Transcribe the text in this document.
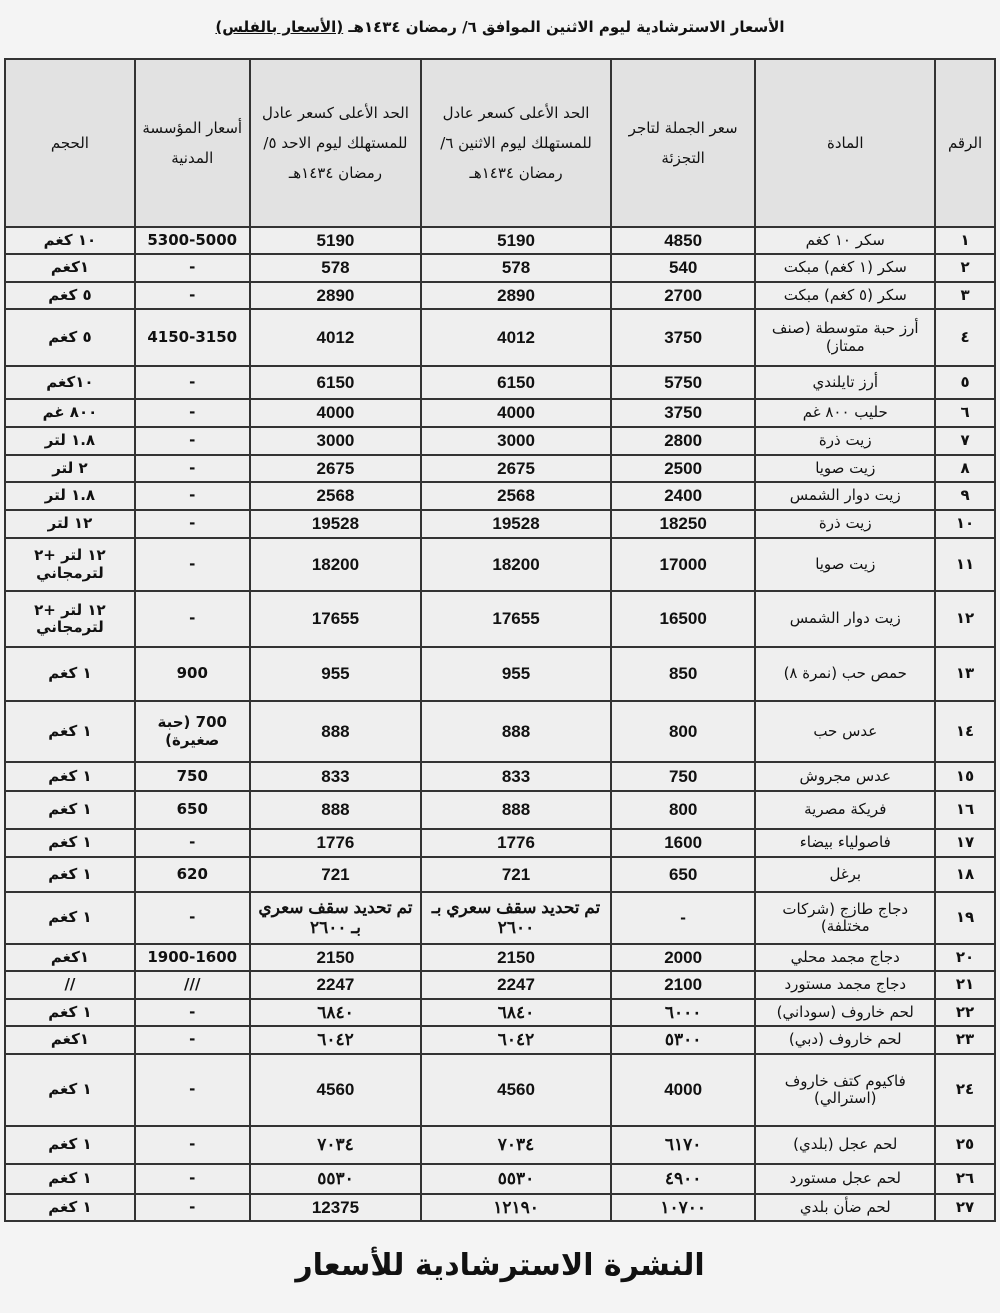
الأسعار الاسترشادية ليوم الاثنين الموافق ٦/ رمضان ١٤٣٤هـ (الأسعار بالفلس)
الرقم	المادة	سعر الجملة لتاجر التجزئة	الحد الأعلى كسعر عادل للمستهلك ليوم الاثنين ٦/رمضان ١٤٣٤هـ	الحد الأعلى كسعر عادل للمستهلك ليوم الاحد ٥/ رمضان ١٤٣٤هـ	أسعار المؤسسة المدنية	الحجم
١	سكر ١٠ كغم	4850	5190	5190	5300-5000	١٠ كغم
٢	سكر (١ كغم) مبكت	540	578	578	-	١كغم
٣	سكر (٥ كغم) مبكت	2700	2890	2890	-	٥ كغم
٤	أرز حبة متوسطة (صنف ممتاز)	3750	4012	4012	4150-3150	٥ كغم
٥	أرز تايلندي	5750	6150	6150	-	١٠كغم
٦	حليب ٨٠٠ غم	3750	4000	4000	-	٨٠٠ غم
٧	زيت ذرة	2800	3000	3000	-	١.٨ لتر
٨	زيت صويا	2500	2675	2675	-	٢ لتر
٩	زيت دوار الشمس	2400	2568	2568	-	١.٨ لتر
١٠	زيت ذرة	18250	19528	19528	-	١٢ لتر
١١	زيت صويا	17000	18200	18200	-	١٢ لتر +٢ لترمجاني
١٢	زيت دوار الشمس	16500	17655	17655	-	١٢ لتر +٢ لترمجاني
١٣	حمص حب (نمرة ٨)	850	955	955	900	١ كغم
١٤	عدس حب	800	888	888	700 (حبة صغيرة)	١ كغم
١٥	عدس مجروش	750	833	833	750	١ كغم
١٦	فريكة مصرية	800	888	888	650	١ كغم
١٧	فاصولياء بيضاء	1600	1776	1776	-	١ كغم
١٨	برغل	650	721	721	620	١ كغم
١٩	دجاج طازج (شركات مختلفة)	-	تم تحديد سقف سعري بـ ٢٦٠٠	تم تحديد سقف سعري بـ ٢٦٠٠	-	١ كغم
٢٠	دجاج مجمد محلي	2000	2150	2150	1900-1600	١كغم
٢١	دجاج مجمد مستورد	2100	2247	2247	///	//
٢٢	لحم خاروف (سوداني)	٦٠٠٠	٦٨٤٠	٦٨٤٠	-	١ كغم
٢٣	لحم خاروف (دبي)	٥٣٠٠	٦٠٤٢	٦٠٤٢	-	١كغم
٢٤	فاكيوم كتف خاروف (استرالي)	4000	4560	4560	-	١ كغم
٢٥	لحم عجل (بلدي)	٦١٧٠	٧٠٣٤	٧٠٣٤	-	١ كغم
٢٦	لحم عجل مستورد	٤٩٠٠	٥٥٣٠	٥٥٣٠	-	١ كغم
٢٧	لحم ضأن بلدي	١٠٧٠٠	١٢١٩٠	12375	-	١ كغم
النشرة الاسترشادية للأسعار
